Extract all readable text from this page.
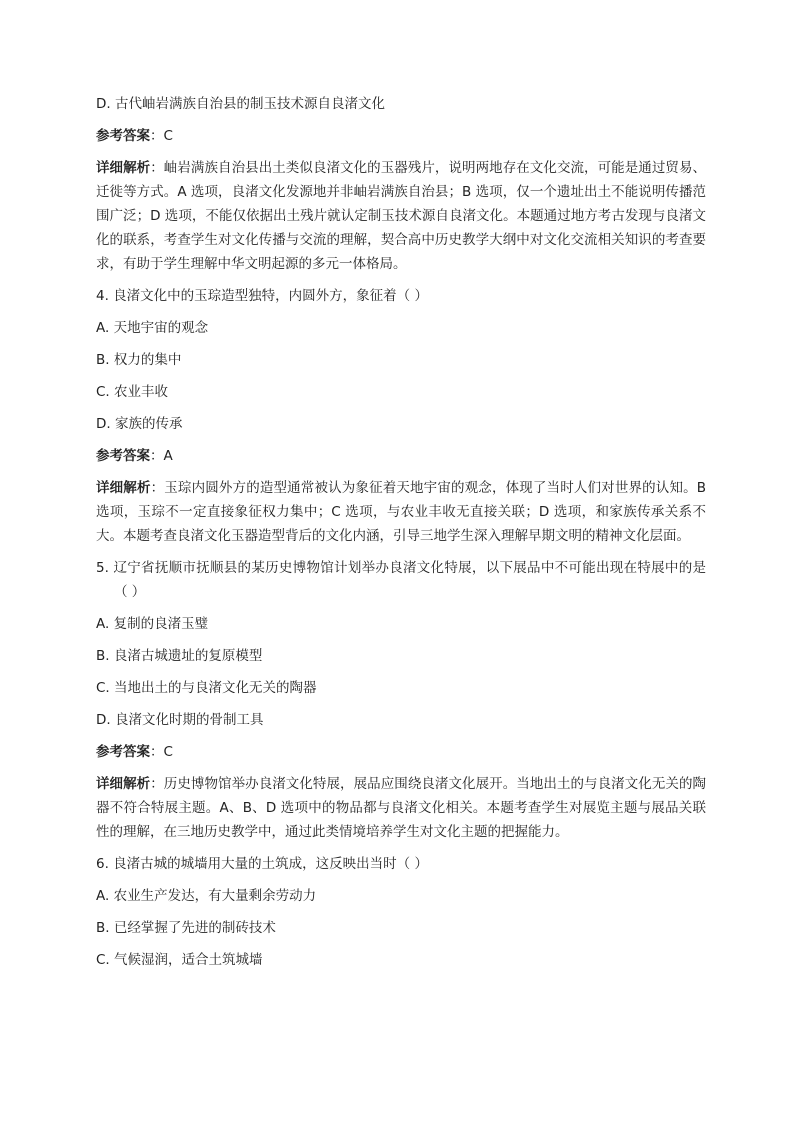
D. 古代岫岩满族自治县的制玉技术源自良渚文化

参考答案：C

详细解析：岫岩满族自治县出土类似良渚文化的玉器残片，说明两地存在文化交流，可能是通过贸易、迁徙等方式。A 选项，良渚文化发源地并非岫岩满族自治县；B 选项，仅一个遗址出土不能说明传播范围广泛；D 选项，不能仅依据出土残片就认定制玉技术源自良渚文化。本题通过地方考古发现与良渚文化的联系，考查学生对文化传播与交流的理解，契合高中历史教学大纲中对文化交流相关知识的考查要求，有助于学生理解中华文明起源的多元一体格局。

4. 良渚文化中的玉琮造型独特，内圆外方，象征着（ ）

A. 天地宇宙的观念

B. 权力的集中

C. 农业丰收

D. 家族的传承

参考答案：A

详细解析：玉琮内圆外方的造型通常被认为象征着天地宇宙的观念，体现了当时人们对世界的认知。B 选项，玉琮不一定直接象征权力集中；C 选项，与农业丰收无直接关联；D 选项，和家族传承关系不大。本题考查良渚文化玉器造型背后的文化内涵，引导三地学生深入理解早期文明的精神文化层面。

5. 辽宁省抚顺市抚顺县的某历史博物馆计划举办良渚文化特展，以下展品中不可能出现在特展中的是（ ）

A. 复制的良渚玉璧

B. 良渚古城遗址的复原模型

C. 当地出土的与良渚文化无关的陶器

D. 良渚文化时期的骨制工具

参考答案：C

详细解析：历史博物馆举办良渚文化特展，展品应围绕良渚文化展开。当地出土的与良渚文化无关的陶器不符合特展主题。A、B、D 选项中的物品都与良渚文化相关。本题考查学生对展览主题与展品关联性的理解，在三地历史教学中，通过此类情境培养学生对文化主题的把握能力。

6. 良渚古城的城墙用大量的土筑成，这反映出当时（ ）

A. 农业生产发达，有大量剩余劳动力

B. 已经掌握了先进的制砖技术

C. 气候湿润，适合土筑城墙
